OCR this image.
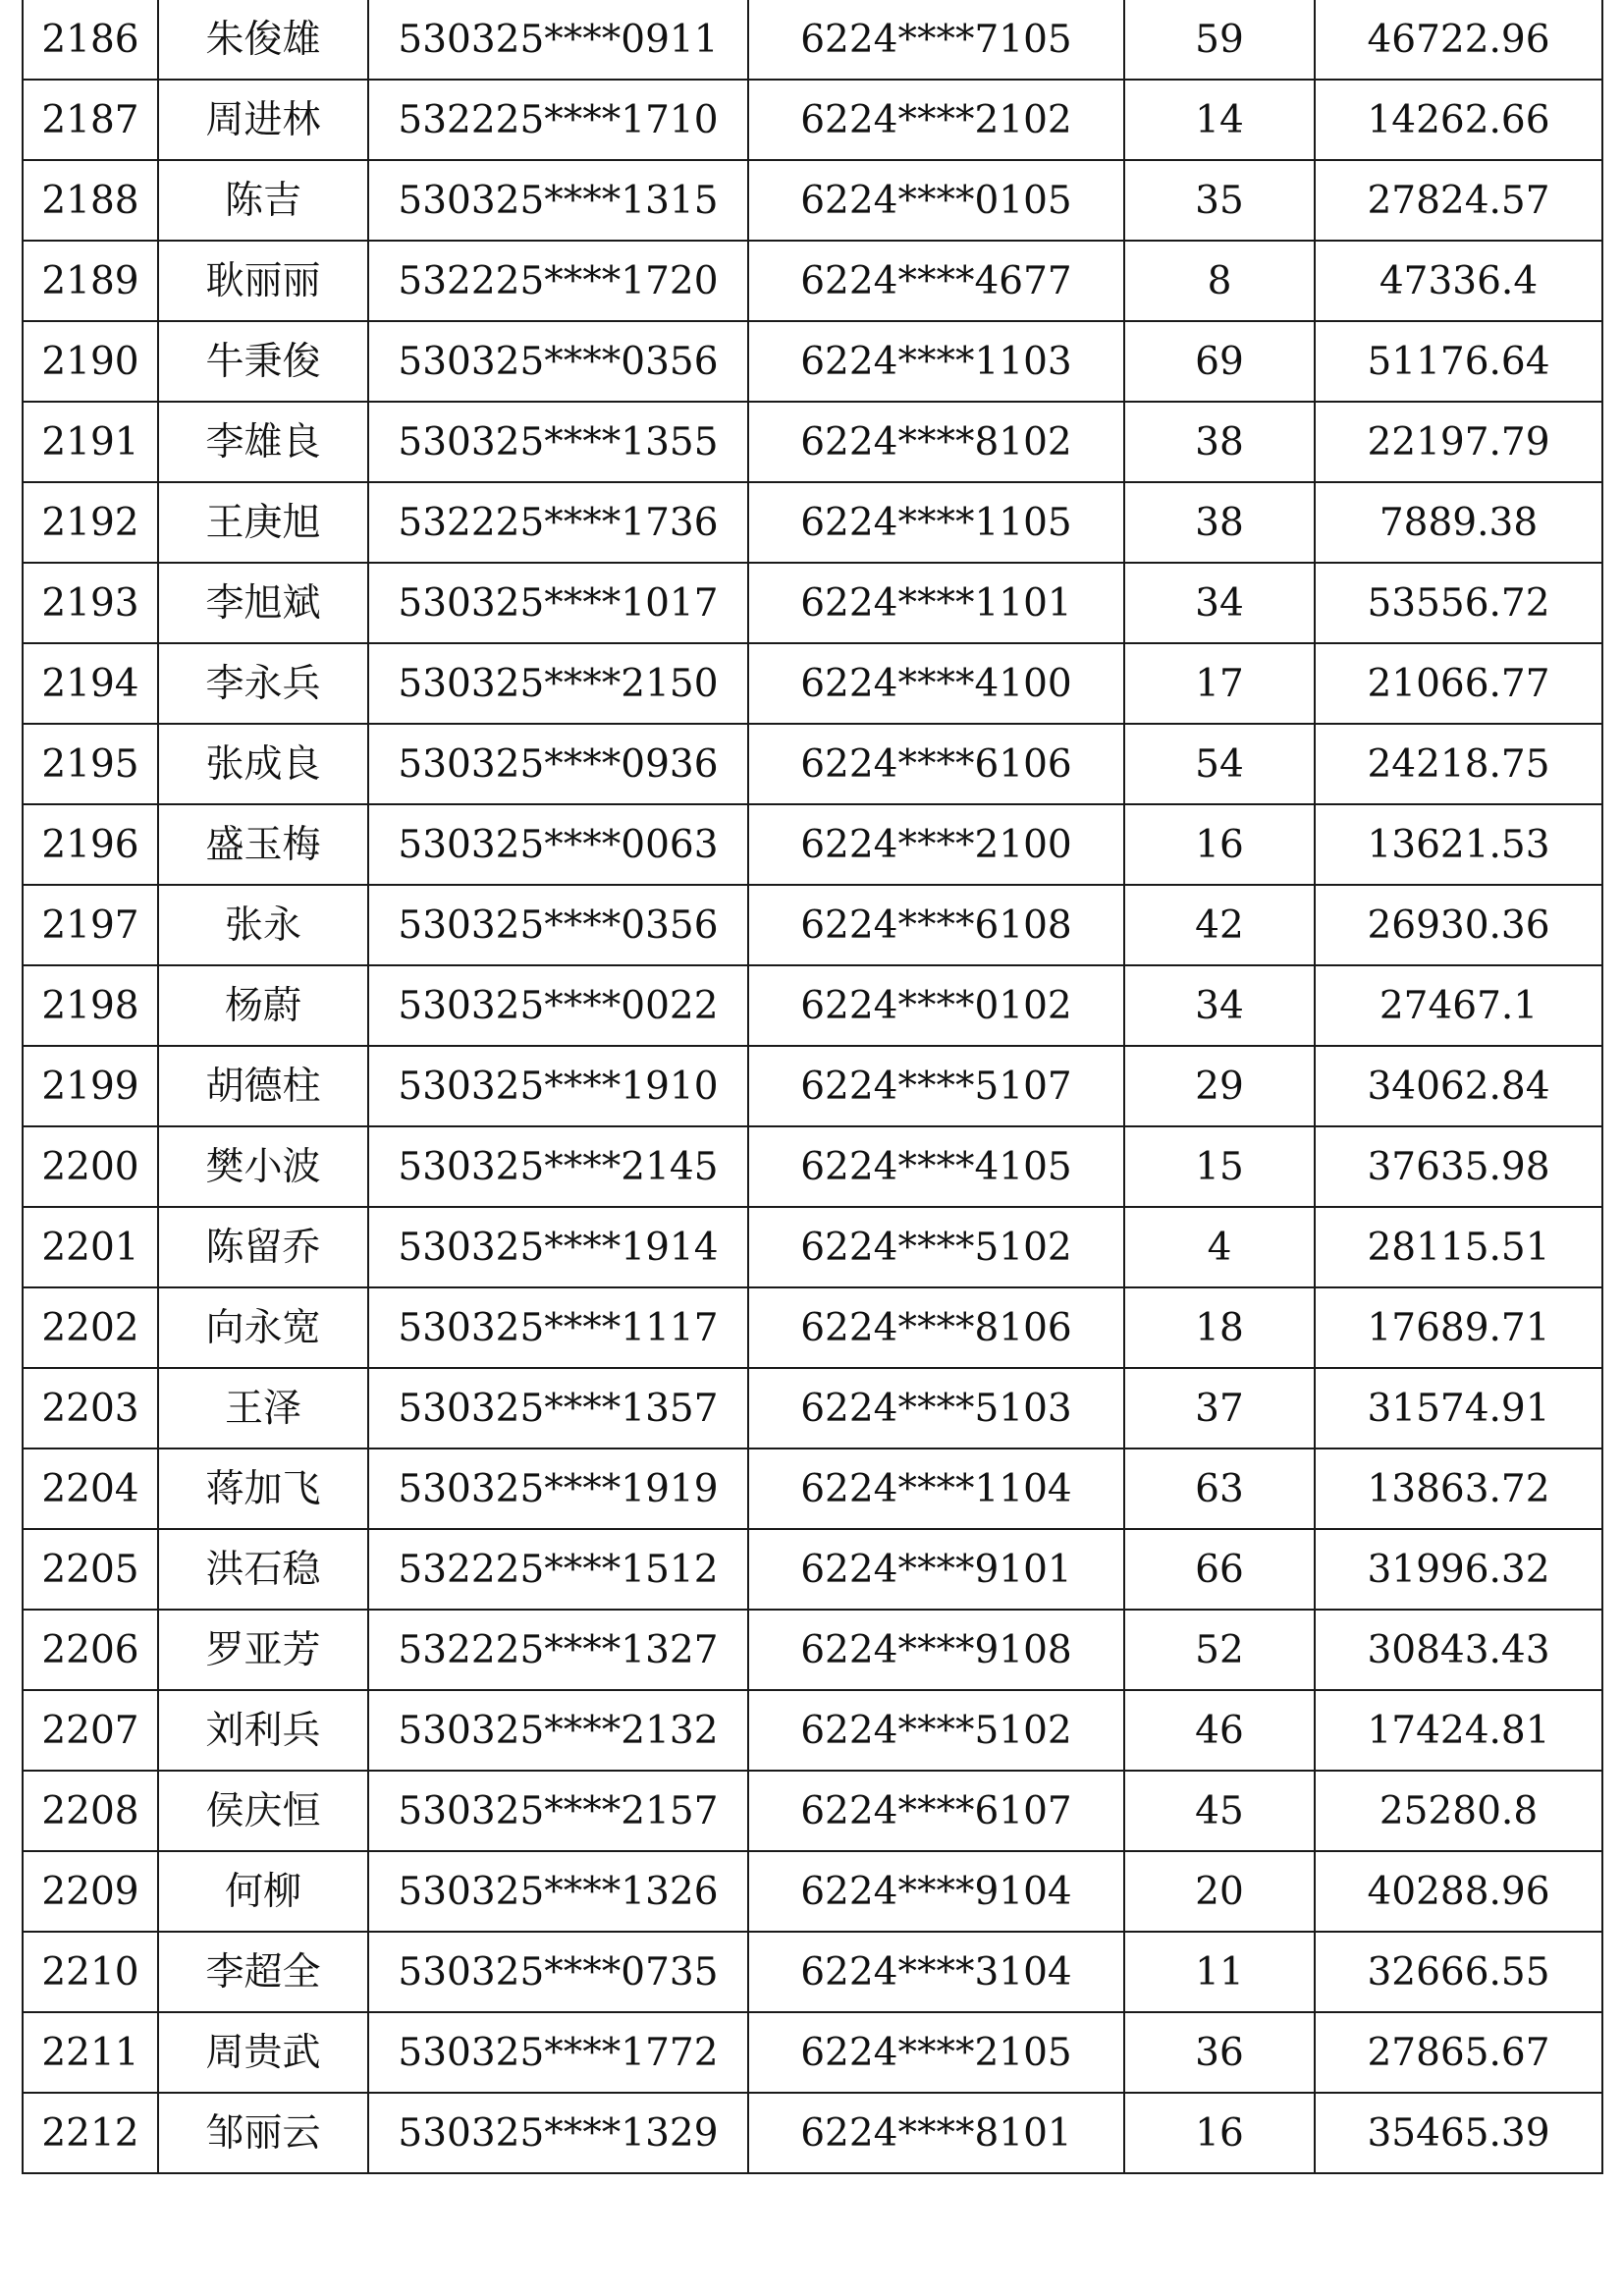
2186	朱俊雄	530325****0911	6224****7105	59	46722.96
2187	周进林	532225****1710	6224****2102	14	14262.66
2188	陈吉	530325****1315	6224****0105	35	27824.57
2189	耿丽丽	532225****1720	6224****4677	8	47336.4
2190	牛秉俊	530325****0356	6224****1103	69	51176.64
2191	李雄良	530325****1355	6224****8102	38	22197.79
2192	王庚旭	532225****1736	6224****1105	38	7889.38
2193	李旭斌	530325****1017	6224****1101	34	53556.72
2194	李永兵	530325****2150	6224****4100	17	21066.77
2195	张成良	530325****0936	6224****6106	54	24218.75
2196	盛玉梅	530325****0063	6224****2100	16	13621.53
2197	张永	530325****0356	6224****6108	42	26930.36
2198	杨蔚	530325****0022	6224****0102	34	27467.1
2199	胡德柱	530325****1910	6224****5107	29	34062.84
2200	樊小波	530325****2145	6224****4105	15	37635.98
2201	陈留乔	530325****1914	6224****5102	4	28115.51
2202	向永宽	530325****1117	6224****8106	18	17689.71
2203	王泽	530325****1357	6224****5103	37	31574.91
2204	蒋加飞	530325****1919	6224****1104	63	13863.72
2205	洪石稳	532225****1512	6224****9101	66	31996.32
2206	罗亚芳	532225****1327	6224****9108	52	30843.43
2207	刘利兵	530325****2132	6224****5102	46	17424.81
2208	侯庆恒	530325****2157	6224****6107	45	25280.8
2209	何柳	530325****1326	6224****9104	20	40288.96
2210	李超全	530325****0735	6224****3104	11	32666.55
2211	周贵武	530325****1772	6224****2105	36	27865.67
2212	邹丽云	530325****1329	6224****8101	16	35465.39
